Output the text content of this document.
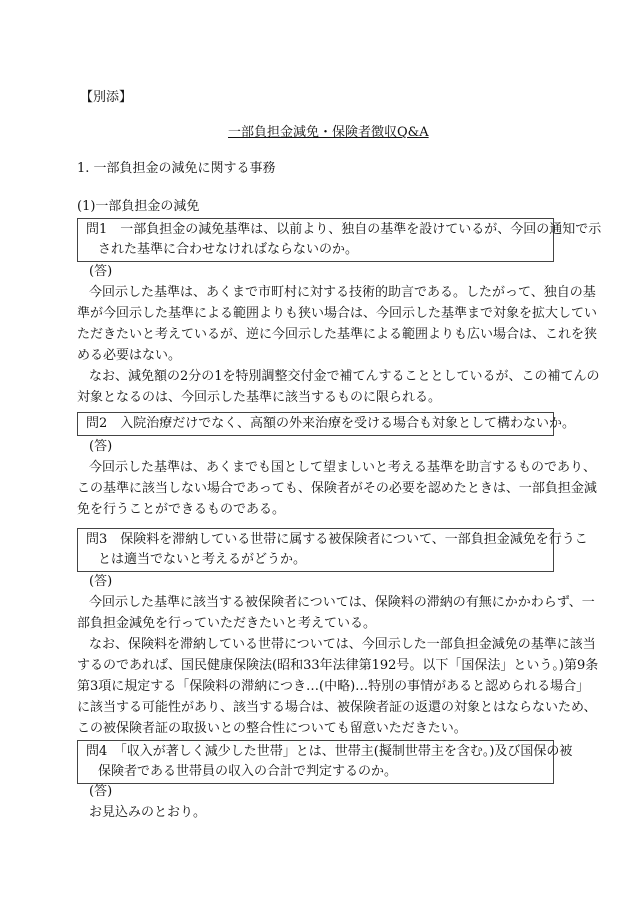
【別添】
一部負担金減免・保険者徴収Q&A
1. 一部負担金の減免に関する事務
(1)一部負担金の減免
問1　一部負担金の減免基準は、以前より、独自の基準を設けているが、今回の通知で示
された基準に合わせなければならないのか。
(答)
今回示した基準は、あくまで市町村に対する技術的助言である。したがって、独自の基
準が今回示した基準による範囲よりも狭い場合は、今回示した基準まで対象を拡大してい
ただきたいと考えているが、逆に今回示した基準による範囲よりも広い場合は、これを狭
める必要はない。
なお、減免額の2分の1を特別調整交付金で補てんすることとしているが、この補てんの
対象となるのは、今回示した基準に該当するものに限られる。
問2　入院治療だけでなく、高額の外来治療を受ける場合も対象として構わないか。
(答)
今回示した基準は、あくまでも国として望ましいと考える基準を助言するものであり、
この基準に該当しない場合であっても、保険者がその必要を認めたときは、一部負担金減
免を行うことができるものである。
問3　保険料を滞納している世帯に属する被保険者について、一部負担金減免を行うこ
とは適当でないと考えるがどうか。
(答)
今回示した基準に該当する被保険者については、保険料の滞納の有無にかかわらず、一
部負担金減免を行っていただきたいと考えている。
なお、保険料を滞納している世帯については、今回示した一部負担金減免の基準に該当
するのであれば、国民健康保険法(昭和33年法律第192号。以下「国保法」という。)第9条
第3項に規定する「保険料の滞納につき…(中略)…特別の事情があると認められる場合」
に該当する可能性があり、該当する場合は、被保険者証の返還の対象とはならないため、
この被保険者証の取扱いとの整合性についても留意いただきたい。
問4　「収入が著しく減少した世帯」とは、世帯主(擬制世帯主を含む。)及び国保の被
保険者である世帯員の収入の合計で判定するのか。
(答)
お見込みのとおり。
